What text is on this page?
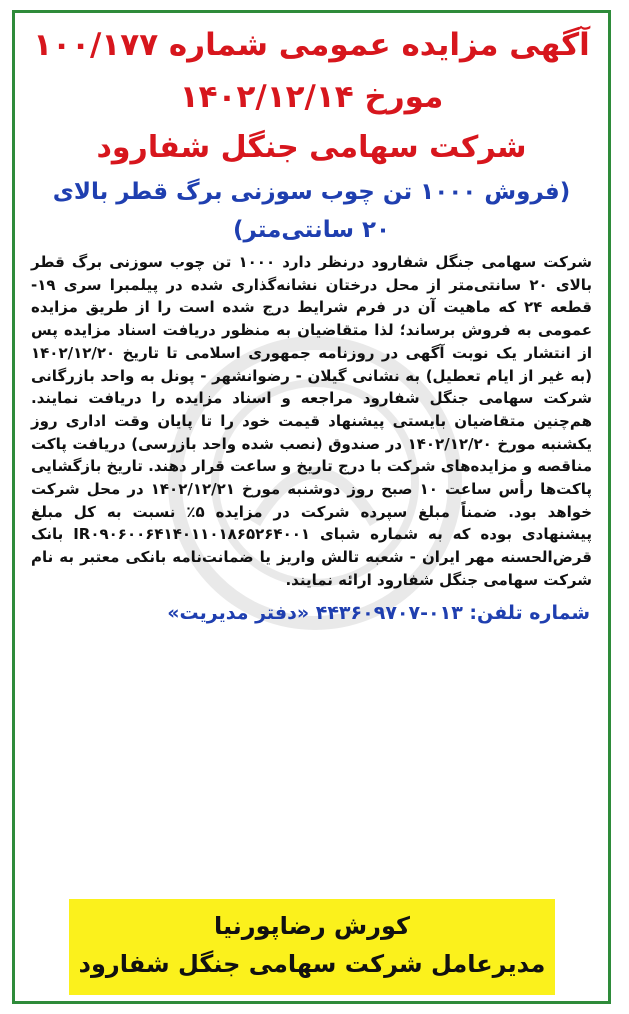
آگهی مزایده عمومی شماره ۱۰۰/۱۷۷

مورخ ۱۴۰۲/۱۲/۱۴

شرکت سهامی جنگل شفارود

(فروش ۱۰۰۰ تن چوب سوزنی برگ قطر بالای

۲۰ سانتی‌متر)

شرکت سهامی جنگل شفارود درنظر دارد ۱۰۰۰ تن چوب سوزنی برگ قطر بالای ۲۰ سانتی‌متر از محل درختان نشانه‌گذاری شده در پیلمبرا سری ۱۹- قطعه ۲۴ که ماهیت آن در فرم شرایط درج شده است را از طریق مزایده عمومی به فروش برساند؛ لذا متقاضیان به منظور دریافت اسناد مزایده پس از انتشار یک نوبت آگهی در روزنامه جمهوری اسلامی تا تاریخ ۱۴۰۲/۱۲/۲۰ (به غیر از ایام تعطیل) به نشانی گیلان - رضوانشهر - پونل به واحد بازرگانی شرکت سهامی جنگل شفارود مراجعه و اسناد مزایده را دریافت نمایند. هم‌چنین متقاضیان بایستی پیشنهاد قیمت خود را تا پایان وقت اداری روز یکشنبه مورخ ۱۴۰۲/۱۲/۲۰ در صندوق (نصب شده واحد بازرسی) دریافت پاکت مناقصه و مزایده‌های شرکت با درج تاریخ و ساعت قرار دهند. تاریخ بازگشایی پاکت‌ها رأس ساعت ۱۰ صبح روز دوشنبه مورخ ۱۴۰۲/۱۲/۲۱ در محل شرکت خواهد بود. ضمناً مبلغ سپرده شرکت در مزایده ۵٪ نسبت به کل مبلغ پیشنهادی بوده که به شماره شبای IR۰۹۰۶۰۰۶۴۱۴۰۱۱۰۱۸۶۵۲۶۴۰۰۱ بانک قرض‌الحسنه مهر ایران - شعبه تالش واریز یا ضمانت‌نامه بانکی معتبر به نام شرکت سهامی جنگل شفارود ارائه نمایند.

شماره تلفن: ۰۱۳-۴۴۳۶۰۹۷۰۷ «دفتر مدیریت»

کورش رضاپورنیا

مدیرعامل شرکت سهامی جنگل شفارود
